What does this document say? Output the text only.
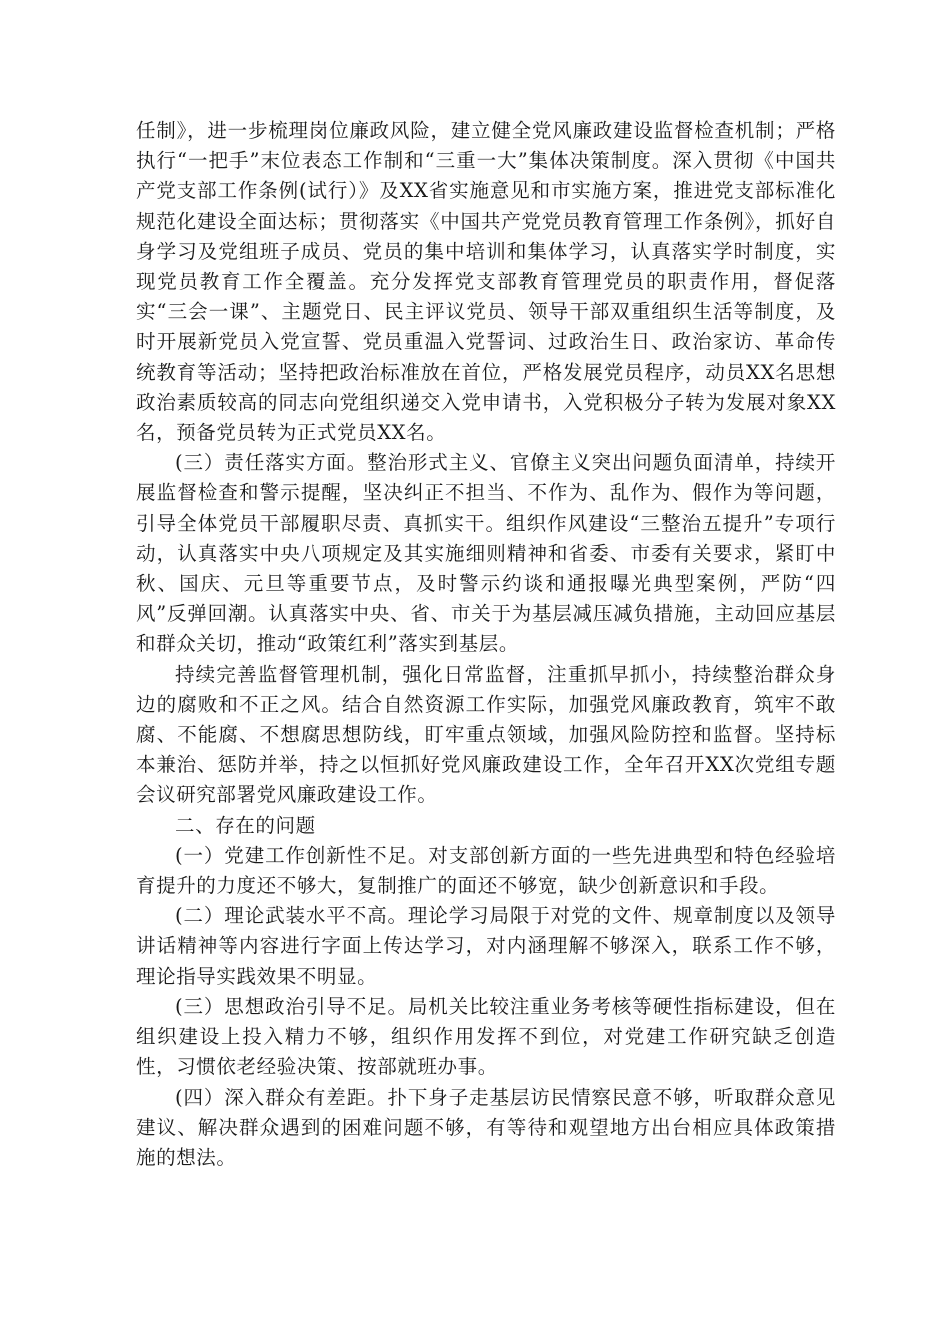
任制》，进一步梳理岗位廉政风险，建立健全党风廉政建设监督检查机制；严格执行“一把手”末位表态工作制和“三重一大”集体决策制度。深入贯彻《中国共产党支部工作条例(试行）》及XX省实施意见和市实施方案，推进党支部标准化规范化建设全面达标；贯彻落实《中国共产党党员教育管理工作条例》，抓好自身学习及党组班子成员、党员的集中培训和集体学习，认真落实学时制度，实现党员教育工作全覆盖。充分发挥党支部教育管理党员的职责作用，督促落实“三会一课”、主题党日、民主评议党员、领导干部双重组织生活等制度，及时开展新党员入党宣誓、党员重温入党誓词、过政治生日、政治家访、革命传统教育等活动；坚持把政治标准放在首位，严格发展党员程序，动员XX名思想政治素质较高的同志向党组织递交入党申请书，入党积极分子转为发展对象XX名，预备党员转为正式党员XX名。

(三）责任落实方面。整治形式主义、官僚主义突出问题负面清单，持续开展监督检查和警示提醒，坚决纠正不担当、不作为、乱作为、假作为等问题，引导全体党员干部履职尽责、真抓实干。组织作风建设“三整治五提升”专项行动，认真落实中央八项规定及其实施细则精神和省委、市委有关要求，紧盯中秋、国庆、元旦等重要节点，及时警示约谈和通报曝光典型案例，严防“四风”反弹回潮。认真落实中央、省、市关于为基层减压减负措施，主动回应基层和群众关切，推动“政策红利”落实到基层。

持续完善监督管理机制，强化日常监督，注重抓早抓小，持续整治群众身边的腐败和不正之风。结合自然资源工作实际，加强党风廉政教育，筑牢不敢腐、不能腐、不想腐思想防线，盯牢重点领域，加强风险防控和监督。坚持标本兼治、惩防并举，持之以恒抓好党风廉政建设工作，全年召开XX次党组专题会议研究部署党风廉政建设工作。

二、存在的问题

(一）党建工作创新性不足。对支部创新方面的一些先进典型和特色经验培育提升的力度还不够大，复制推广的面还不够宽，缺少创新意识和手段。

(二）理论武装水平不高。理论学习局限于对党的文件、规章制度以及领导讲话精神等内容进行字面上传达学习，对内涵理解不够深入，联系工作不够，理论指导实践效果不明显。

(三）思想政治引导不足。局机关比较注重业务考核等硬性指标建设，但在组织建设上投入精力不够，组织作用发挥不到位，对党建工作研究缺乏创造性，习惯依老经验决策、按部就班办事。

(四）深入群众有差距。扑下身子走基层访民情察民意不够，听取群众意见建议、解决群众遇到的困难问题不够，有等待和观望地方出台相应具体政策措施的想法。
